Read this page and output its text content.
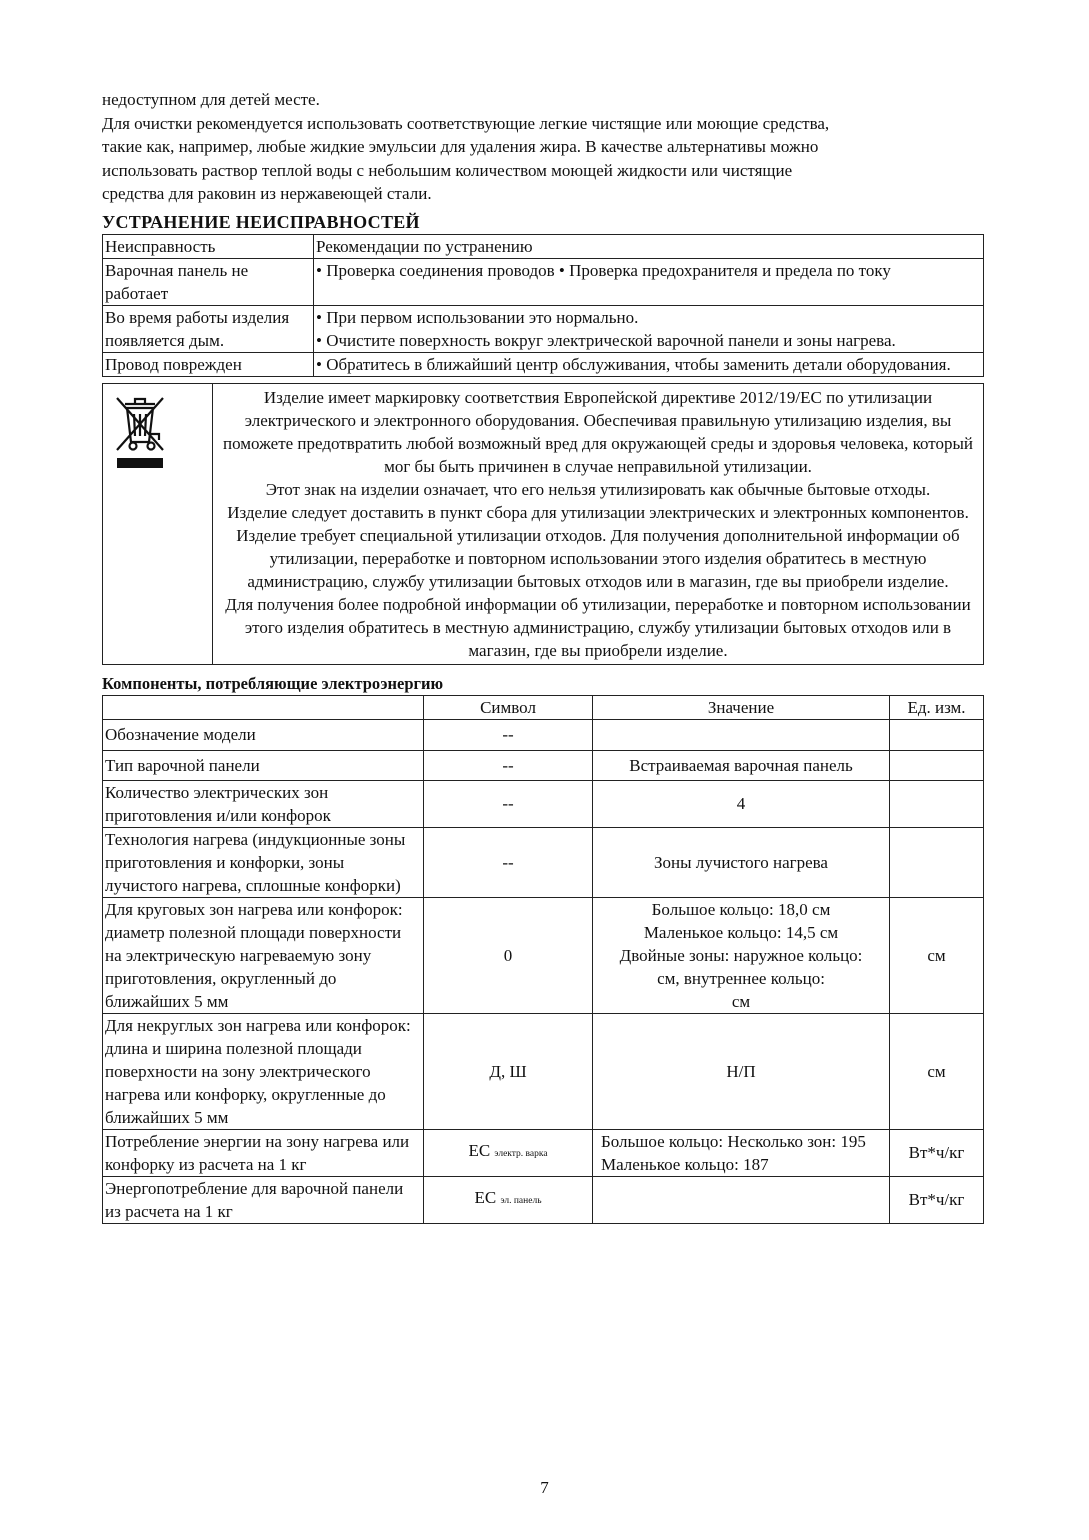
недоступном для детей месте.

Для очистки рекомендуется использовать соответствующие легкие чистящие или моющие средства,

такие как, например, любые жидкие эмульсии для удаления жира. В качестве альтернативы можно

использовать раствор теплой воды с небольшим количеством моющей жидкости или чистящие

средства для раковин из нержавеющей стали.

УСТРАНЕНИЕ НЕИСПРАВНОСТЕЙ
Неисправность	Рекомендации по устранению
Варочная панель не работает	• Проверка соединения проводов • Проверка предохранителя и предела по току
Во время работы изделия появляется дым.	• При первом использовании это нормально.
• Очистите поверхность вокруг электрической варочной панели и зоны нагрева.

Провод поврежден	• Обратитесь в ближайший центр обслуживания, чтобы заменить детали оборудования.

Изделие имеет маркировку соответствия Европейской директиве 2012/19/ЕС по утилизации электрического и электронного оборудования. Обеспечивая правильную утилизацию изделия, вы поможете предотвратить любой возможный вред для окружающей среды и здоровья человека, который мог бы быть причинен в случае неправильной утилизации.
Этот знак на изделии означает, что его нельзя утилизировать как обычные бытовые отходы.
Изделие следует доставить в пункт сбора для утилизации электрических и электронных компонентов.
Изделие требует специальной утилизации отходов. Для получения дополнительной информации об утилизации, переработке и повторном использовании этого изделия обратитесь в местную администрацию, службу утилизации бытовых отходов или в магазин, где вы приобрели изделие.
Для получения более подробной информации об утилизации, переработке и повторном использовании этого изделия обратитесь в местную администрацию, службу утилизации бытовых отходов или в магазин, где вы приобрели изделие.
Компоненты, потребляющие электроэнергию
	Символ	Значение	Ед. изм.
Обозначение модели	--		
Тип варочной панели	--	Встраиваемая варочная панель	
Количество электрических зон приготовления и/или конфорок	--	4	
Технология нагрева (индукционные зоны приготовления и конфорки, зоны лучистого нагрева, сплошные конфорки)	--	Зоны лучистого нагрева	
Для круговых зон нагрева или конфорок: диаметр полезной площади поверхности на электрическую нагреваемую зону приготовления, округленный до ближайших 5 мм	0	Большое кольцо: 18,0 см
Маленькое кольцо: 14,5 см
Двойные зоны: наружное кольцо:
см, внутреннее кольцо:
см	см
Для некруглых зон нагрева или конфорок: длина и ширина полезной площади поверхности на зону электрического нагрева или конфорку, округленные до ближайших 5 мм	Д, Ш	Н/П	см
Потребление энергии на зону нагрева или конфорку из расчета на 1 кг	ЕС электр. варка	Большое кольцо: Несколько зон: 195 Маленькое кольцо: 187	Вт*ч/кг
Энергопотребление для варочной панели из расчета на 1 кг	ЕС эл. панель		Вт*ч/кг
7
